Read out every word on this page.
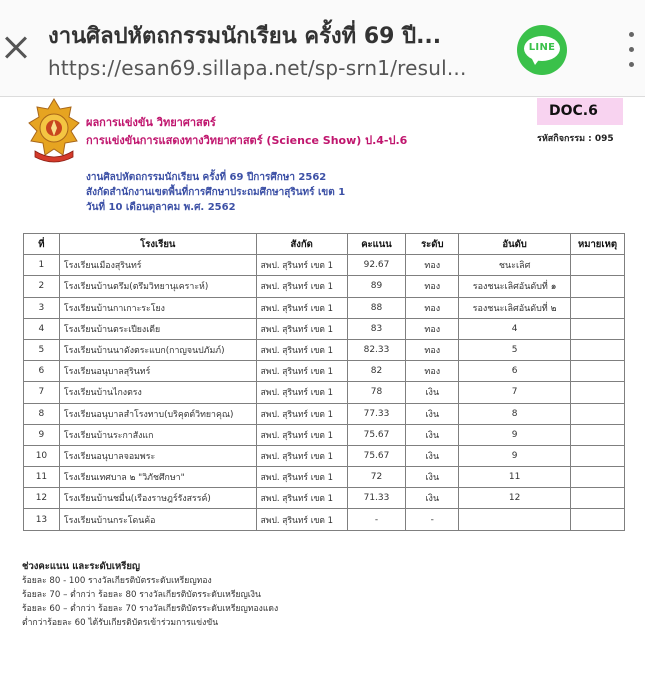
งานศิลปหัตถกรรมนักเรียน ครั้งที่ 69 ปี...
https://esan69.sillapa.net/sp-srn1/resul...
LINE
ผลการแข่งขัน วิทยาศาสตร์
การแข่งขันการแสดงทางวิทยาศาสตร์ (Science Show) ป.4-ป.6
งานศิลปหัตถกรรมนักเรียน ครั้งที่ 69 ปีการศึกษา 2562
สังกัดสำนักงานเขตพื้นที่การศึกษาประถมศึกษาสุรินทร์ เขต 1
วันที่ 10 เดือนตุลาคม พ.ศ. 2562
DOC.6
รหัสกิจกรรม : 095
ที่	โรงเรียน	สังกัด	คะแนน	ระดับ	อันดับ	หมายเหตุ
1	โรงเรียนเมืองสุรินทร์	สพป. สุรินทร์ เขต 1	92.67	ทอง	ชนะเลิศ	
2	โรงเรียนบ้านตรึม(ตรึมวิทยานุเคราะห์)	สพป. สุรินทร์ เขต 1	89	ทอง	รองชนะเลิศอันดับที่ ๑	
3	โรงเรียนบ้านกาเกาะระโยง	สพป. สุรินทร์ เขต 1	88	ทอง	รองชนะเลิศอันดับที่ ๒	
4	โรงเรียนบ้านตระเปียงเตีย	สพป. สุรินทร์ เขต 1	83	ทอง	4	
5	โรงเรียนบ้านนาดังตระแบก(กาญจนปภัมภ์)	สพป. สุรินทร์ เขต 1	82.33	ทอง	5	
6	โรงเรียนอนุบาลสุรินทร์	สพป. สุรินทร์ เขต 1	82	ทอง	6	
7	โรงเรียนบ้านไกงตรง	สพป. สุรินทร์ เขต 1	78	เงิน	7	
8	โรงเรียนอนุบาลสำโรงทาบ(บริคุตต์วิทยาคุณ)	สพป. สุรินทร์ เขต 1	77.33	เงิน	8	
9	โรงเรียนบ้านระกาสังแก	สพป. สุรินทร์ เขต 1	75.67	เงิน	9	
10	โรงเรียนอนุบาลจอมพระ	สพป. สุรินทร์ เขต 1	75.67	เงิน	9	
11	โรงเรียนเทศบาล ๒ "วิภัชศึกษา"	สพป. สุรินทร์ เขต 1	72	เงิน	11	
12	โรงเรียนบ้านชมื่น(เรืองราษฎร์รังสรรค์)	สพป. สุรินทร์ เขต 1	71.33	เงิน	12	
13	โรงเรียนบ้านกระโดนค้อ	สพป. สุรินทร์ เขต 1	-	-		
ช่วงคะแนน และระดับเหรียญ
ร้อยละ 80 - 100 รางวัลเกียรติบัตรระดับเหรียญทอง
ร้อยละ 70 – ต่ำกว่า ร้อยละ 80 รางวัลเกียรติบัตรระดับเหรียญเงิน
ร้อยละ 60 – ต่ำกว่า ร้อยละ 70 รางวัลเกียรติบัตรระดับเหรียญทองแดง
ต่ำกว่าร้อยละ 60 ได้รับเกียรติบัตรเข้าร่วมการแข่งขัน
